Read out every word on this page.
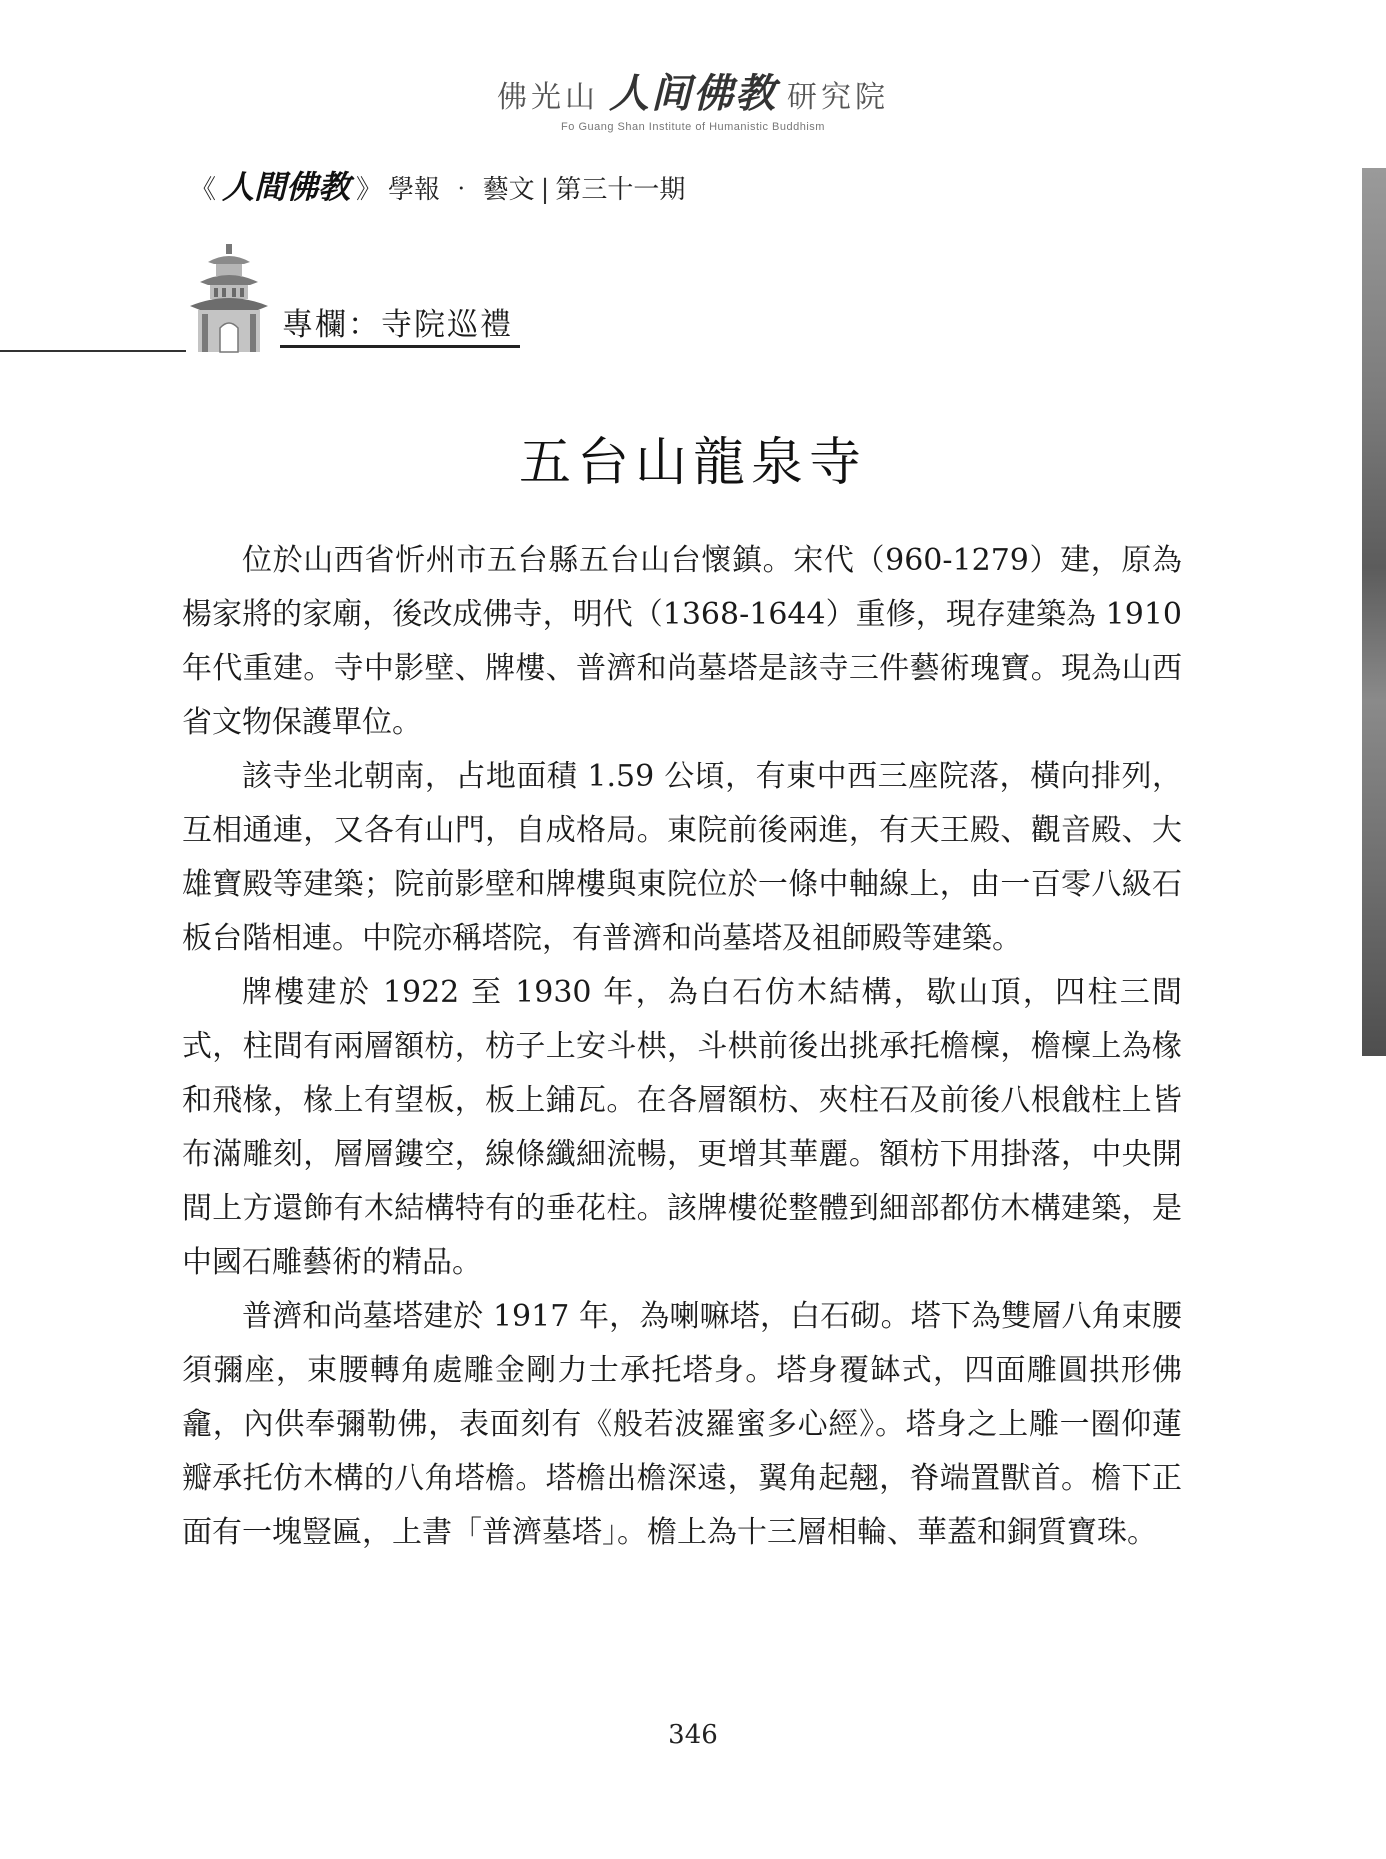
佛光山 人间佛教 研究院
Fo Guang Shan Institute of Humanistic Buddhism
《 人間佛教 》 學報 ‧ 藝文 | 第三十一期
專欄：寺院巡禮
五台山龍泉寺

位於山西省忻州市五台縣五台山台懷鎮。宋代（960-1279）建，原為楊家將的家廟，後改成佛寺，明代（1368-1644）重修，現存建築為 1910 年代重建。寺中影壁、牌樓、普濟和尚墓塔是該寺三件藝術瑰寶。現為山西省文物保護單位。

該寺坐北朝南，占地面積 1.59 公頃，有東中西三座院落，橫向排列，互相通連，又各有山門，自成格局。東院前後兩進，有天王殿、觀音殿、大雄寶殿等建築；院前影壁和牌樓與東院位於一條中軸線上，由一百零八級石板台階相連。中院亦稱塔院，有普濟和尚墓塔及祖師殿等建築。

牌樓建於 1922 至 1930 年，為白石仿木結構，歇山頂，四柱三間式，柱間有兩層額枋，枋子上安斗栱，斗栱前後出挑承托檐檁，檐檁上為椽和飛椽，椽上有望板，板上鋪瓦。在各層額枋、夾柱石及前後八根戧柱上皆布滿雕刻，層層鏤空，線條纖細流暢，更增其華麗。額枋下用掛落，中央開間上方還飾有木結構特有的垂花柱。該牌樓從整體到細部都仿木構建築，是中國石雕藝術的精品。

普濟和尚墓塔建於 1917 年，為喇嘛塔，白石砌。塔下為雙層八角束腰須彌座，束腰轉角處雕金剛力士承托塔身。塔身覆缽式，四面雕圓拱形佛龕，內供奉彌勒佛，表面刻有《般若波羅蜜多心經》。塔身之上雕一圈仰蓮瓣承托仿木構的八角塔檐。塔檐出檐深遠，翼角起翹，脊端置獸首。檐下正面有一塊豎匾，上書「普濟墓塔」。檐上為十三層相輪、華蓋和銅質寶珠。

346
